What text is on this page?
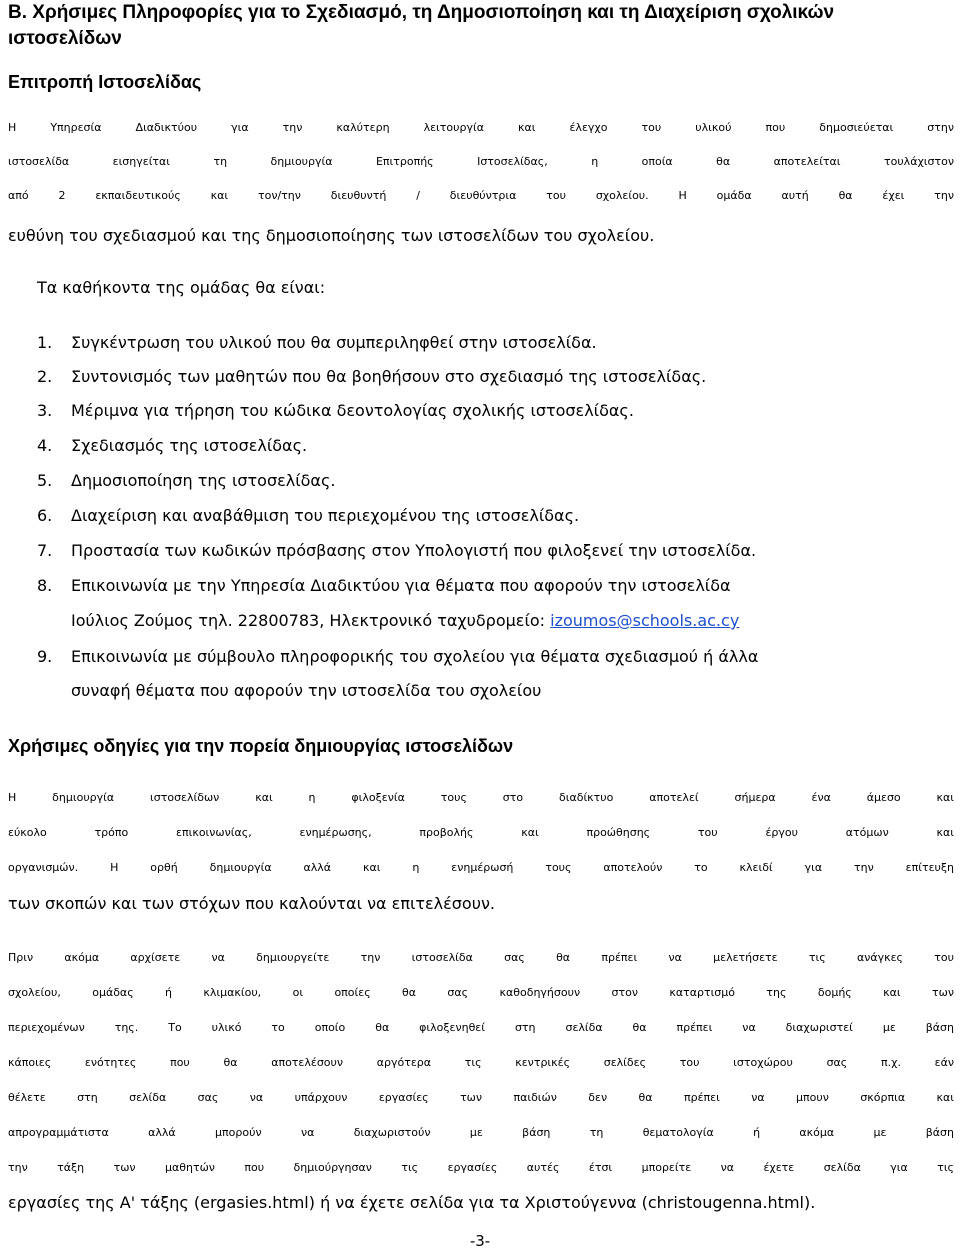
Β. Χρήσιμες Πληροφορίες για το Σχεδιασμό, τη Δημοσιοποίηση και τη Διαχείριση σχολικών ιστοσελίδων
Επιτροπή Ιστοσελίδας
Η Υπηρεσία Διαδικτύου για την καλύτερη λειτουργία και έλεγχο του υλικού που δημοσιεύεται στην
ιστοσελίδα εισηγείται τη δημιουργία Επιτροπής Ιστοσελίδας, η οποία θα αποτελείται τουλάχιστον
από 2 εκπαιδευτικούς και τον/την διευθυντή / διευθύντρια του σχολείου. Η ομάδα αυτή θα έχει την
ευθύνη του σχεδιασμού και της δημοσιοποίησης των ιστοσελίδων του σχολείου.
Τα καθήκοντα της ομάδας θα είναι:
1. Συγκέντρωση του υλικού που θα συμπεριληφθεί στην ιστοσελίδα.
2. Συντονισμός των μαθητών που θα βοηθήσουν στο σχεδιασμό της ιστοσελίδας.
3. Μέριμνα για τήρηση του κώδικα δεοντολογίας σχολικής ιστοσελίδας.
4. Σχεδιασμός της ιστοσελίδας.
5. Δημοσιοποίηση της ιστοσελίδας.
6. Διαχείριση και αναβάθμιση του περιεχομένου της ιστοσελίδας.
7. Προστασία των κωδικών πρόσβασης στον Υπολογιστή που φιλοξενεί την ιστοσελίδα.
8. Επικοινωνία με την Υπηρεσία Διαδικτύου για θέματα που αφορούν την ιστοσελίδα
Ιούλιος Ζούμος τηλ. 22800783, Ηλεκτρονικό ταχυδρομείο: izoumos@schools.ac.cy
9. Επικοινωνία με σύμβουλο πληροφορικής του σχολείου για θέματα σχεδιασμού ή άλλα
συναφή θέματα που αφορούν την ιστοσελίδα του σχολείου
Χρήσιμες οδηγίες για την πορεία δημιουργίας ιστοσελίδων
Η δημιουργία ιστοσελίδων και η φιλοξενία τους στο διαδίκτυο αποτελεί σήμερα ένα άμεσο και
εύκολο τρόπο επικοινωνίας, ενημέρωσης, προβολής και προώθησης του έργου ατόμων και
οργανισμών. Η ορθή δημιουργία αλλά και η ενημέρωσή τους αποτελούν το κλειδί για την επίτευξη
των σκοπών και των στόχων που καλούνται να επιτελέσουν.
Πριν ακόμα αρχίσετε να δημιουργείτε την ιστοσελίδα σας θα πρέπει να μελετήσετε τις ανάγκες του
σχολείου, ομάδας ή κλιμακίου, οι οποίες θα σας καθοδηγήσουν στον καταρτισμό της δομής και των
περιεχομένων της. Το υλικό το οποίο θα φιλοξενηθεί στη σελίδα θα πρέπει να διαχωριστεί με βάση
κάποιες ενότητες που θα αποτελέσουν αργότερα τις κεντρικές σελίδες του ιστοχώρου σας π.χ. εάν
θέλετε στη σελίδα σας να υπάρχουν εργασίες των παιδιών δεν θα πρέπει να μπουν σκόρπια και
απρογραμμάτιστα αλλά μπορούν να διαχωριστούν με βάση τη θεματολογία ή ακόμα με βάση
την τάξη των μαθητών που δημιούργησαν τις εργασίες αυτές έτσι μπορείτε να έχετε σελίδα για τις
εργασίες της Α' τάξης (ergasies.html) ή να έχετε σελίδα για τα Χριστούγεννα (christougenna.html).
-3-
